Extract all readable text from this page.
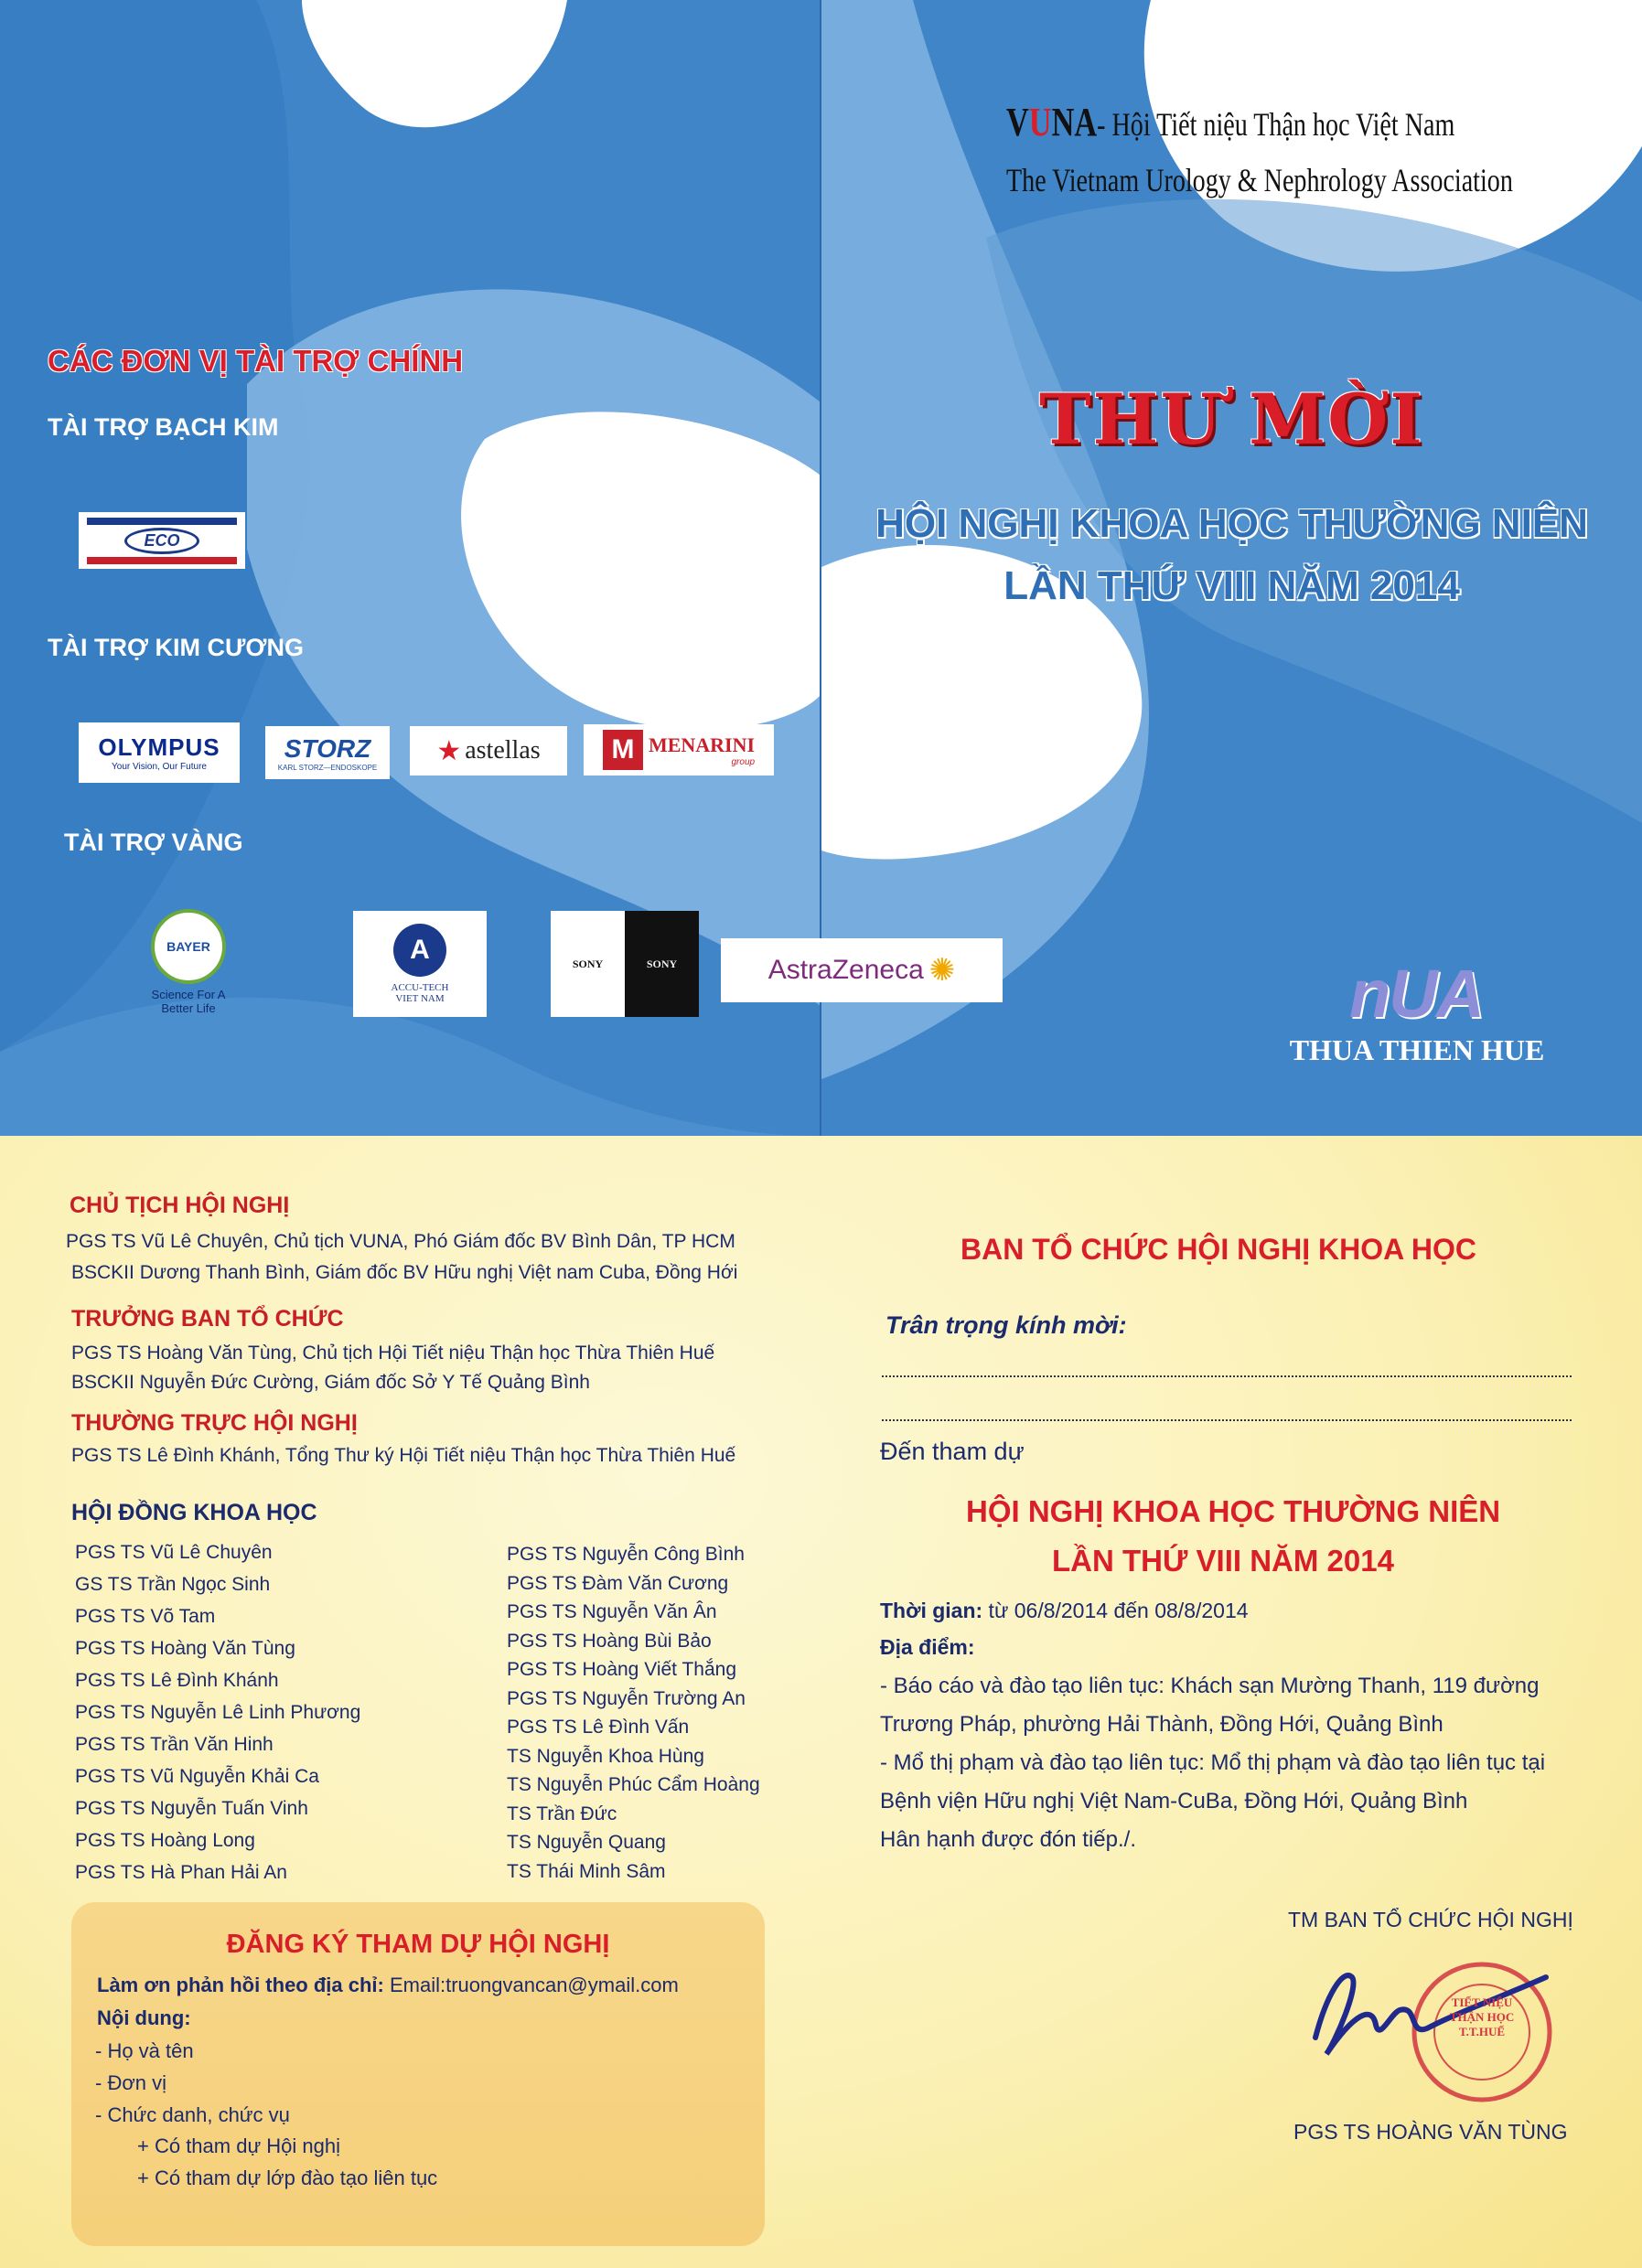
CÁC ĐƠN VỊ TÀI TRỢ CHÍNH
TÀI TRỢ BẠCH KIM
ECO
TÀI TRỢ KIM CƯƠNG
OLYMPUS
Your Vision, Our Future
STORZ
KARL STORZ—ENDOSKOPE
★ astellas	M MENARINI
group
TÀI TRỢ VÀNG
BAYER
Science For A
Better Life
A
ACCU-TECH
VIET NAM
SONY	SONY
VUNA- Hội Tiết niệu Thận học Việt Nam
The Vietnam Urology & Nephrology Association
THƯ MỜI
HỘI NGHỊ KHOA HỌC THƯỜNG NIÊN
LẦN THỨ VIII NĂM 2014
nUA
THUA THIEN HUE
AstraZeneca ✺
CHỦ TỊCH HỘI NGHỊ
PGS TS Vũ Lê Chuyên, Chủ tịch VUNA, Phó Giám đốc BV Bình Dân, TP HCM
BSCKII Dương Thanh Bình, Giám đốc BV Hữu nghị Việt nam Cuba, Đồng Hới
TRƯỞNG BAN TỔ CHỨC
PGS TS Hoàng Văn Tùng, Chủ tịch Hội Tiết niệu Thận học Thừa Thiên Huế
BSCKII Nguyễn Đức Cường, Giám đốc Sở Y Tế Quảng Bình
THƯỜNG TRỰC HỘI NGHỊ
PGS TS Lê Đình Khánh, Tổng Thư ký Hội Tiết niệu Thận học Thừa Thiên Huế
HỘI ĐỒNG KHOA HỌC
PGS TS Vũ Lê Chuyên
GS TS Trần Ngọc Sinh
PGS TS Võ Tam
PGS TS Hoàng Văn Tùng
PGS TS Lê Đình Khánh
PGS TS Nguyễn Lê Linh Phương
PGS TS Trần Văn Hinh
PGS TS Vũ Nguyễn Khải Ca
PGS TS Nguyễn Tuấn Vinh
PGS TS Hoàng Long
PGS TS Hà Phan Hải An
PGS TS Nguyễn Công Bình
PGS TS Đàm Văn Cương
PGS TS Nguyễn Văn Ân
PGS TS Hoàng Bùi Bảo
PGS TS Hoàng Viết Thắng
PGS TS Nguyễn Trường An
PGS TS Lê Đình Vấn
TS Nguyễn Khoa Hùng
TS Nguyễn Phúc Cẩm Hoàng
TS Trần Đức
TS Nguyễn Quang
TS Thái Minh Sâm
ĐĂNG KÝ THAM DỰ HỘI NGHỊ
Làm ơn phản hồi theo địa chỉ: Email:truongvancan@ymail.com
Nội dung:
- Họ và tên
- Đơn vị
- Chức danh, chức vụ
+ Có tham dự Hội nghị
+ Có tham dự lớp đào tạo liên tục
BAN TỔ CHỨC HỘI NGHỊ KHOA HỌC
Trân trọng kính mời:
Đến tham dự
HỘI NGHỊ KHOA HỌC THƯỜNG NIÊN
LẦN THỨ VIII NĂM 2014
Thời gian: từ 06/8/2014 đến 08/8/2014
Địa điểm:
- Báo cáo và đào tạo liên tục: Khách sạn Mường Thanh, 119 đường
Trương Pháp, phường Hải Thành, Đồng Hới, Quảng Bình
- Mổ thị phạm và đào tạo liên tục: Mổ thị phạm và đào tạo liên tục tại
Bệnh viện Hữu nghị Việt Nam-CuBa, Đồng Hới, Quảng Bình
Hân hạnh được đón tiếp./.
TM BAN TỔ CHỨC HỘI NGHỊ
TIẾT NIỆU
THẬN HỌC
T.T.HUẾ
PGS TS HOÀNG VĂN TÙNG
